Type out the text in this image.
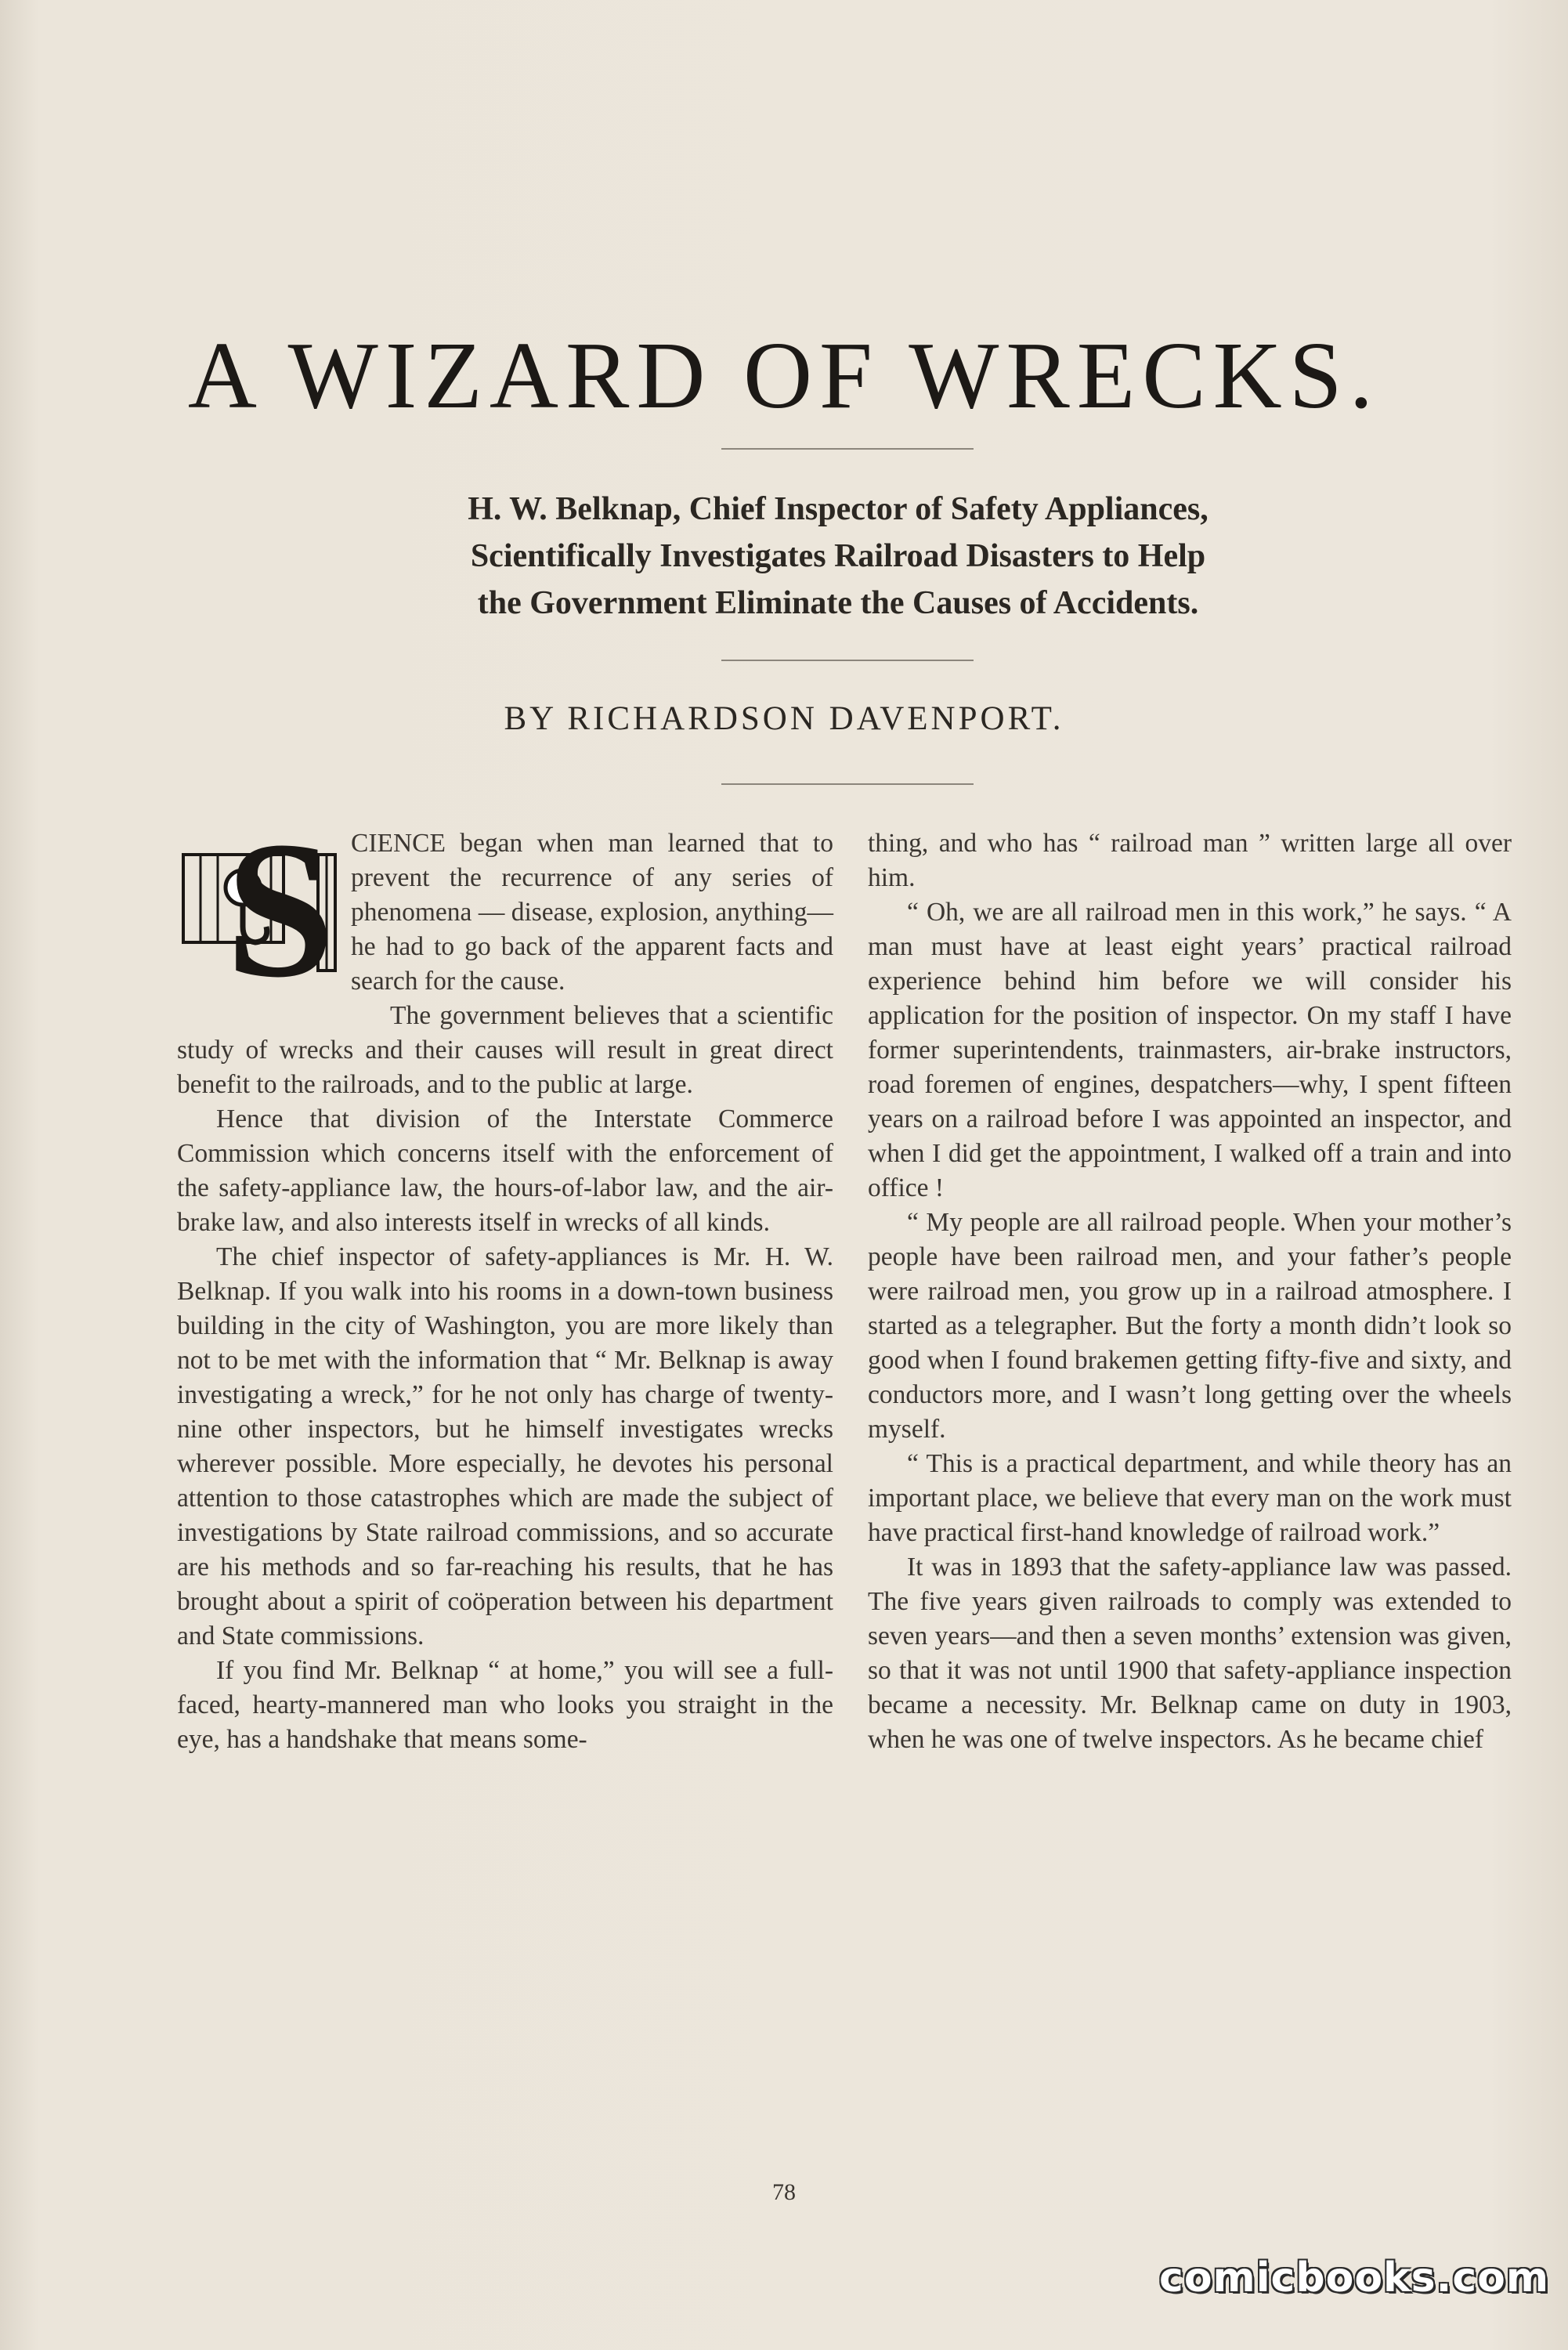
A WIZARD OF WRECKS.
H. W. Belknap, Chief Inspector of Safety Appliances,
Scientifically Investigates Railroad Disasters to Help
the Government Eliminate the Causes of Accidents.
BY RICHARDSON DAVENPORT.
S CIENCE began when man learned that to prevent the recurrence of any series of phenomena — disease, explosion, anything—he had to go back of the apparent facts and search for the cause.

The government believes that a scientific study of wrecks and their causes will result in great direct benefit to the railroads, and to the public at large.

Hence that division of the Interstate Commerce Commission which concerns itself with the enforcement of the safety-appliance law, the hours-of-labor law, and the air-brake law, and also interests itself in wrecks of all kinds.

The chief inspector of safety-appliances is Mr. H. W. Belknap. If you walk into his rooms in a down-town business building in the city of Washington, you are more likely than not to be met with the information that “ Mr. Belknap is away investigating a wreck,” for he not only has charge of twenty-nine other inspectors, but he himself investigates wrecks wherever possible. More especially, he devotes his personal attention to those catastrophes which are made the subject of investigations by State railroad commissions, and so accurate are his methods and so far-reaching his results, that he has brought about a spirit of coöperation between his department and State commissions.

If you find Mr. Belknap “ at home,” you will see a full-faced, hearty-mannered man who looks you straight in the eye, has a handshake that means some-

thing, and who has “ railroad man ” written large all over him.

“ Oh, we are all railroad men in this work,” he says. “ A man must have at least eight years’ practical railroad experience behind him before we will consider his application for the position of inspector. On my staff I have former superintendents, trainmasters, air-brake instructors, road foremen of engines, despatchers—why, I spent fifteen years on a railroad before I was appointed an inspector, and when I did get the appointment, I walked off a train and into office !

“ My people are all railroad people. When your mother’s people have been railroad men, and your father’s people were railroad men, you grow up in a railroad atmosphere. I started as a telegrapher. But the forty a month didn’t look so good when I found brakemen getting fifty-five and sixty, and conductors more, and I wasn’t long getting over the wheels myself.

“ This is a practical department, and while theory has an important place, we believe that every man on the work must have practical first-hand knowledge of railroad work.”

It was in 1893 that the safety-appliance law was passed. The five years given railroads to comply was extended to seven years—and then a seven months’ extension was given, so that it was not until 1900 that safety-appliance inspection became a necessity. Mr. Belknap came on duty in 1903, when he was one of twelve inspectors. As he became chief

78
comicbooks.com
